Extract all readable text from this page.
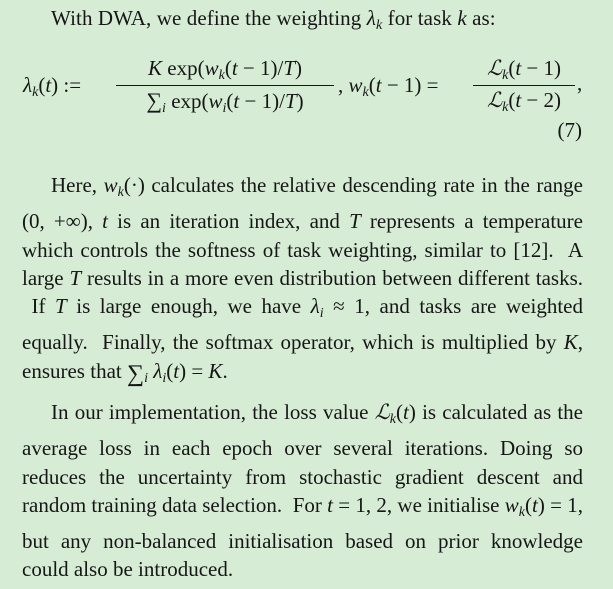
With DWA, we define the weighting $\lambda_k$ for task k as:
$\lambda_k(t)$ :=
K $\exp(w_k(t - 1)/T)$
$\sum_i$ $\exp(w_i(t - 1)/T)$
, $w_k(t - 1)$ =
ℒ$_k$(t − 1)
ℒ$_k$(t − 2)
,
(7)
Here, $w_k(\cdot)$ calculates the relative descending rate in the range (0, +∞), t is an iteration index, and T represents a temperature which controls the softness of task weighting, similar to [12].  A large T results in a more even distribution between different tasks.  If T is large enough, we have $\lambda_i \approx 1$, and tasks are weighted equally.  Finally, the softmax operator, which is multiplied by K, ensures that $\sum_i$ $\lambda_i(t) = K$.
In our implementation, the loss value ℒ$_k$(t) is calculated as the average loss in each epoch over several iterations. Doing so reduces the uncertainty from stochastic gradient descent and random training data selection.  For t = 1, 2, we initialise $w_k(t) = 1$, but any non-balanced initialisation based on prior knowledge could also be introduced.
